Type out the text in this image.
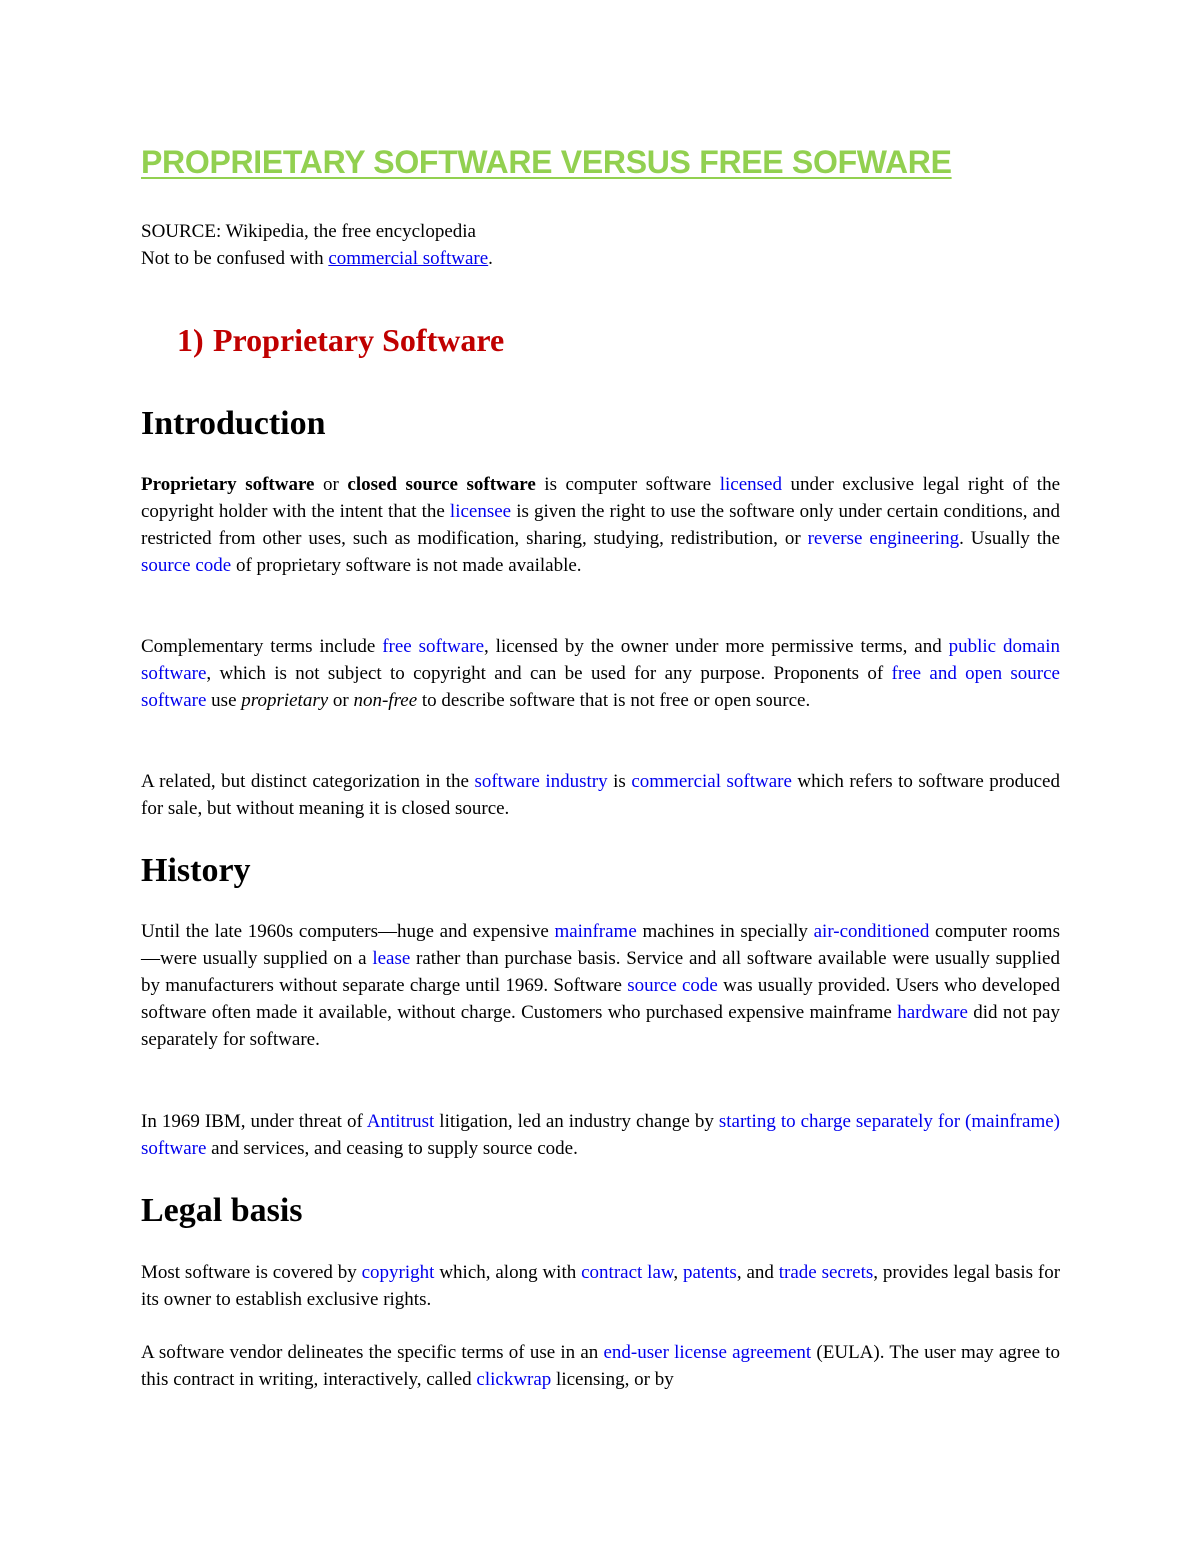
PROPRIETARY SOFTWARE VERSUS FREE SOFWARE

SOURCE: Wikipedia, the free encyclopedia

Not to be confused with commercial software.

1) Proprietary Software
Introduction

Proprietary software or closed source software is computer software licensed under exclusive legal right of the copyright holder with the intent that the licensee is given the right to use the software only under certain conditions, and restricted from other uses, such as modification, sharing, studying, redistribution, or reverse engineering. Usually the source code of proprietary software is not made available.

Complementary terms include free software, licensed by the owner under more permissive terms, and public domain software, which is not subject to copyright and can be used for any purpose. Proponents of free and open source software use proprietary or non-free to describe software that is not free or open source.

A related, but distinct categorization in the software industry is commercial software which refers to software produced for sale, but without meaning it is closed source.

History

Until the late 1960s computers—huge and expensive mainframe machines in specially air-conditioned computer rooms—were usually supplied on a lease rather than purchase basis. Service and all software available were usually supplied by manufacturers without separate charge until 1969. Software source code was usually provided. Users who developed software often made it available, without charge. Customers who purchased expensive mainframe hardware did not pay separately for software.

In 1969 IBM, under threat of Antitrust litigation, led an industry change by starting to charge separately for (mainframe) software and services, and ceasing to supply source code.

Legal basis

Most software is covered by copyright which, along with contract law, patents, and trade secrets, provides legal basis for its owner to establish exclusive rights.

A software vendor delineates the specific terms of use in an end-user license agreement (EULA). The user may agree to this contract in writing, interactively, called clickwrap licensing, or by
